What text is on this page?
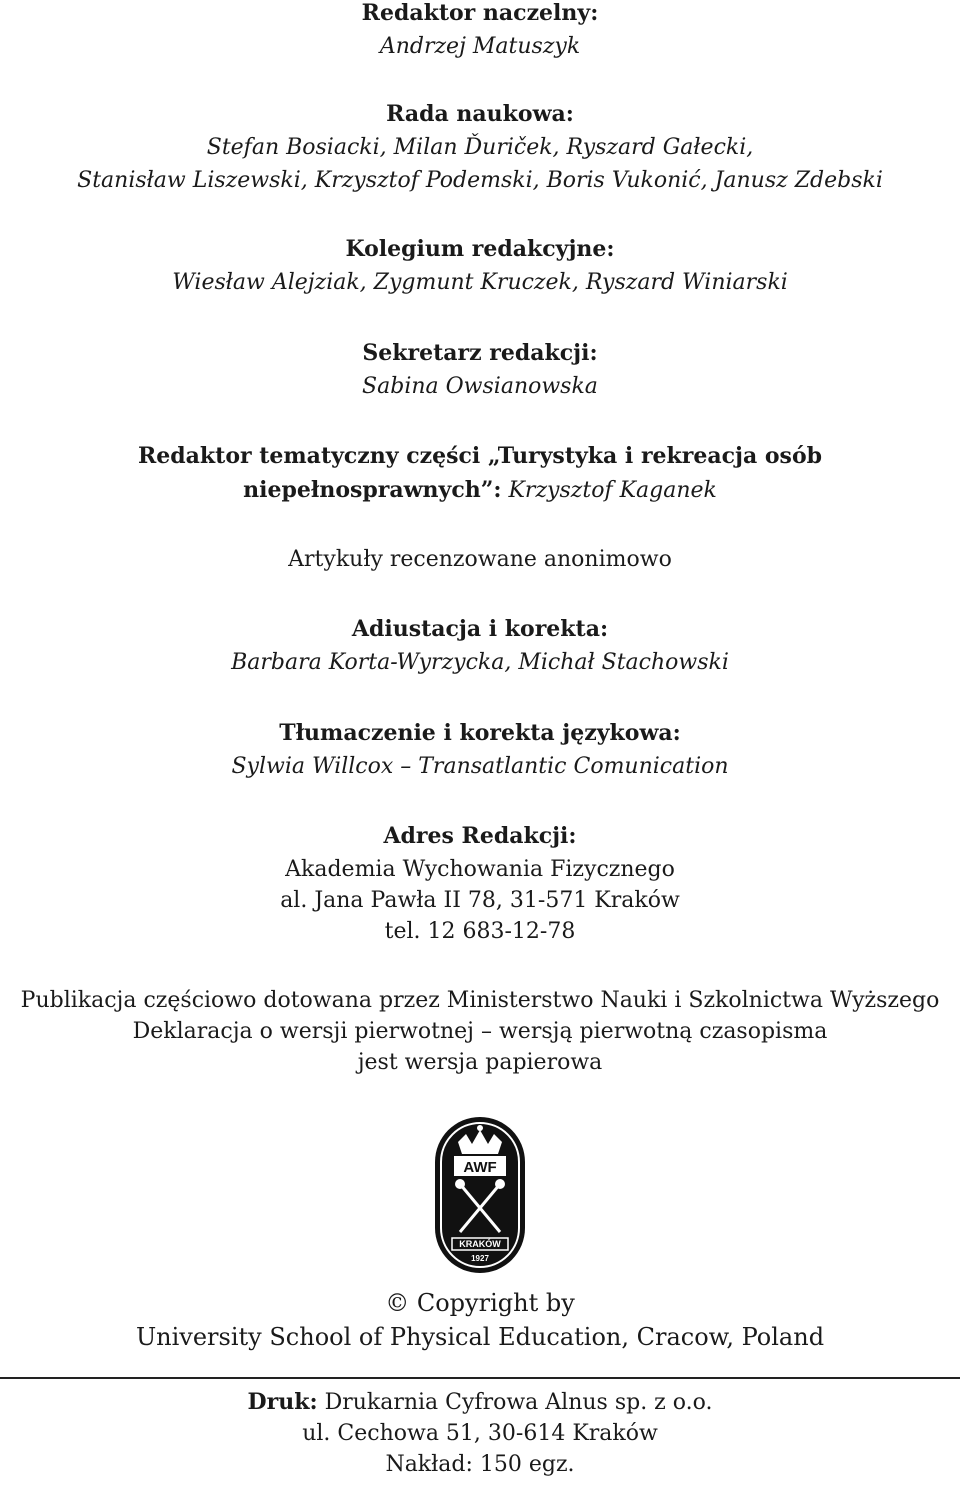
Redaktor naczelny:
Andrzej Matuszyk
Rada naukowa:
Stefan Bosiacki, Milan Ďuriček, Ryszard Gałecki,
Stanisław Liszewski, Krzysztof Podemski, Boris Vukonić, Janusz Zdebski
Kolegium redakcyjne:
Wiesław Alejziak, Zygmunt Kruczek, Ryszard Winiarski
Sekretarz redakcji:
Sabina Owsianowska
Redaktor tematyczny części „Turystyka i rekreacja osób
niepełnosprawnych”: Krzysztof Kaganek
Artykuły recenzowane anonimowo
Adiustacja i korekta:
Barbara Korta-Wyrzycka, Michał Stachowski
Tłumaczenie i korekta językowa:
Sylwia Willcox – Transatlantic Comunication
Adres Redakcji:
Akademia Wychowania Fizycznego
al. Jana Pawła II 78, 31-571 Kraków
tel. 12 683-12-78
Publikacja częściowo dotowana przez Ministerstwo Nauki i Szkolnictwa Wyższego
Deklaracja o wersji pierwotnej – wersją pierwotną czasopisma
jest wersja papierowa
AWF
KRAKÓW
1927
© Copyright by
University School of Physical Education, Cracow, Poland
Druk: Drukarnia Cyfrowa Alnus sp. z o.o.
ul. Cechowa 51, 30-614 Kraków
Nakład: 150 egz.
